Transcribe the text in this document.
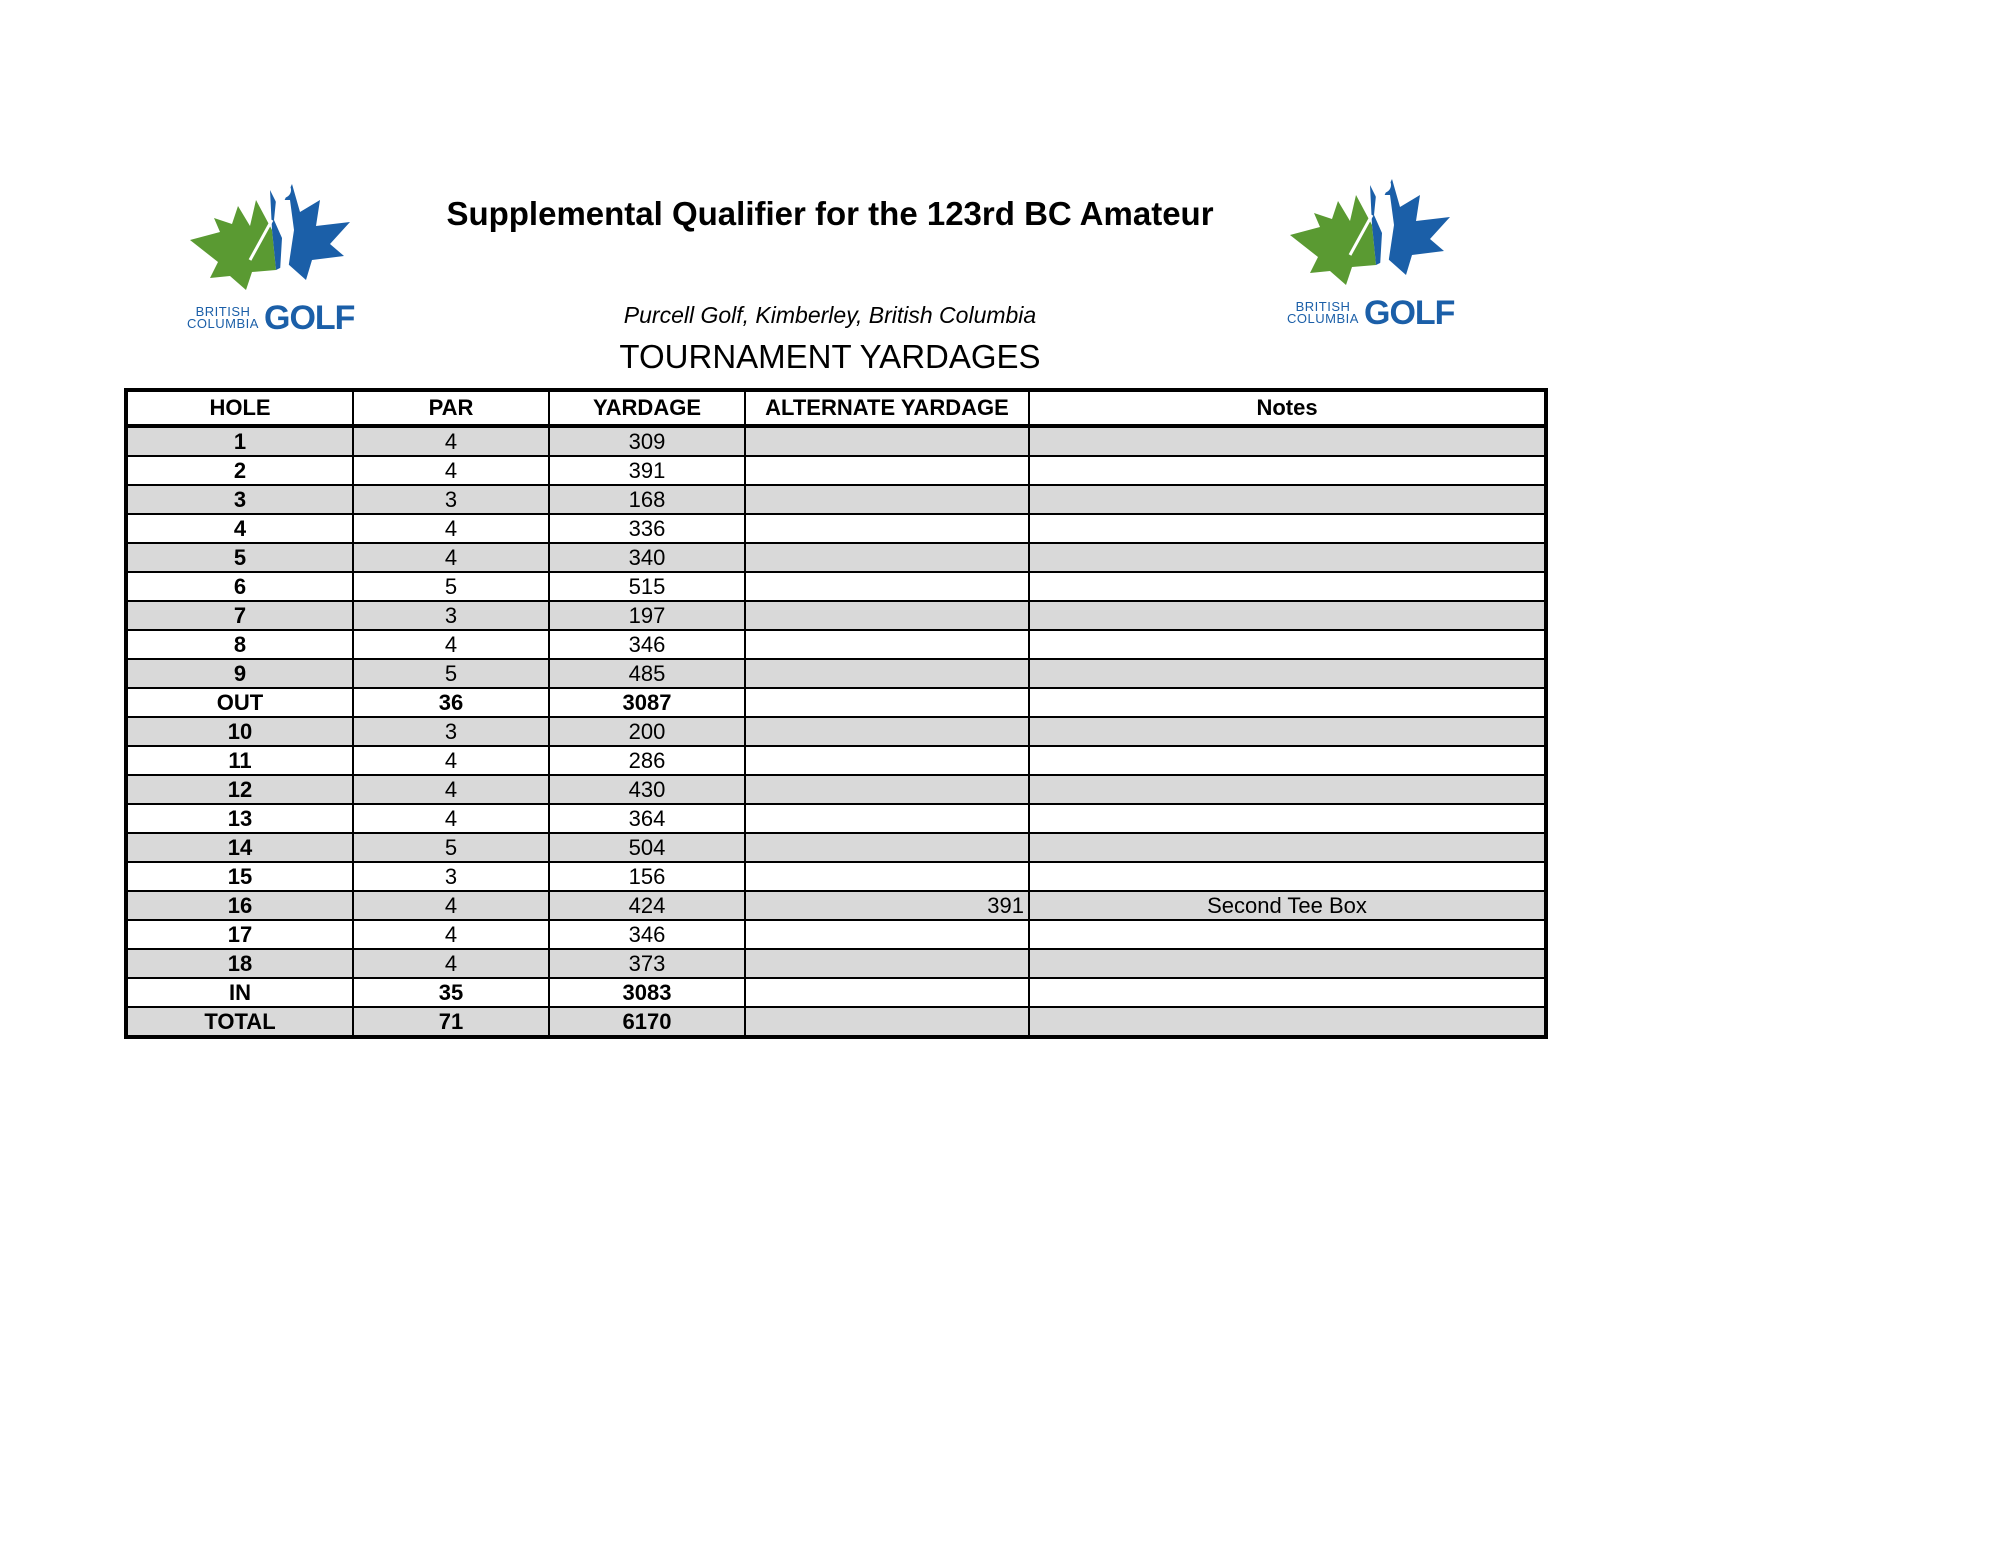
BRITISH
COLUMBIA GOLF	BRITISH
COLUMBIA GOLF
Supplemental Qualifier for the 123rd BC Amateur
Purcell Golf, Kimberley, British Columbia
TOURNAMENT YARDAGES
HOLE	PAR	YARDAGE	ALTERNATE YARDAGE	Notes
1	4	309		
2	4	391		
3	3	168		
4	4	336		
5	4	340		
6	5	515		
7	3	197		
8	4	346		
9	5	485		
OUT	36	3087		
10	3	200		
11	4	286		
12	4	430		
13	4	364		
14	5	504		
15	3	156		
16	4	424	391	Second Tee Box
17	4	346		
18	4	373		
IN	35	3083		
TOTAL	71	6170		
